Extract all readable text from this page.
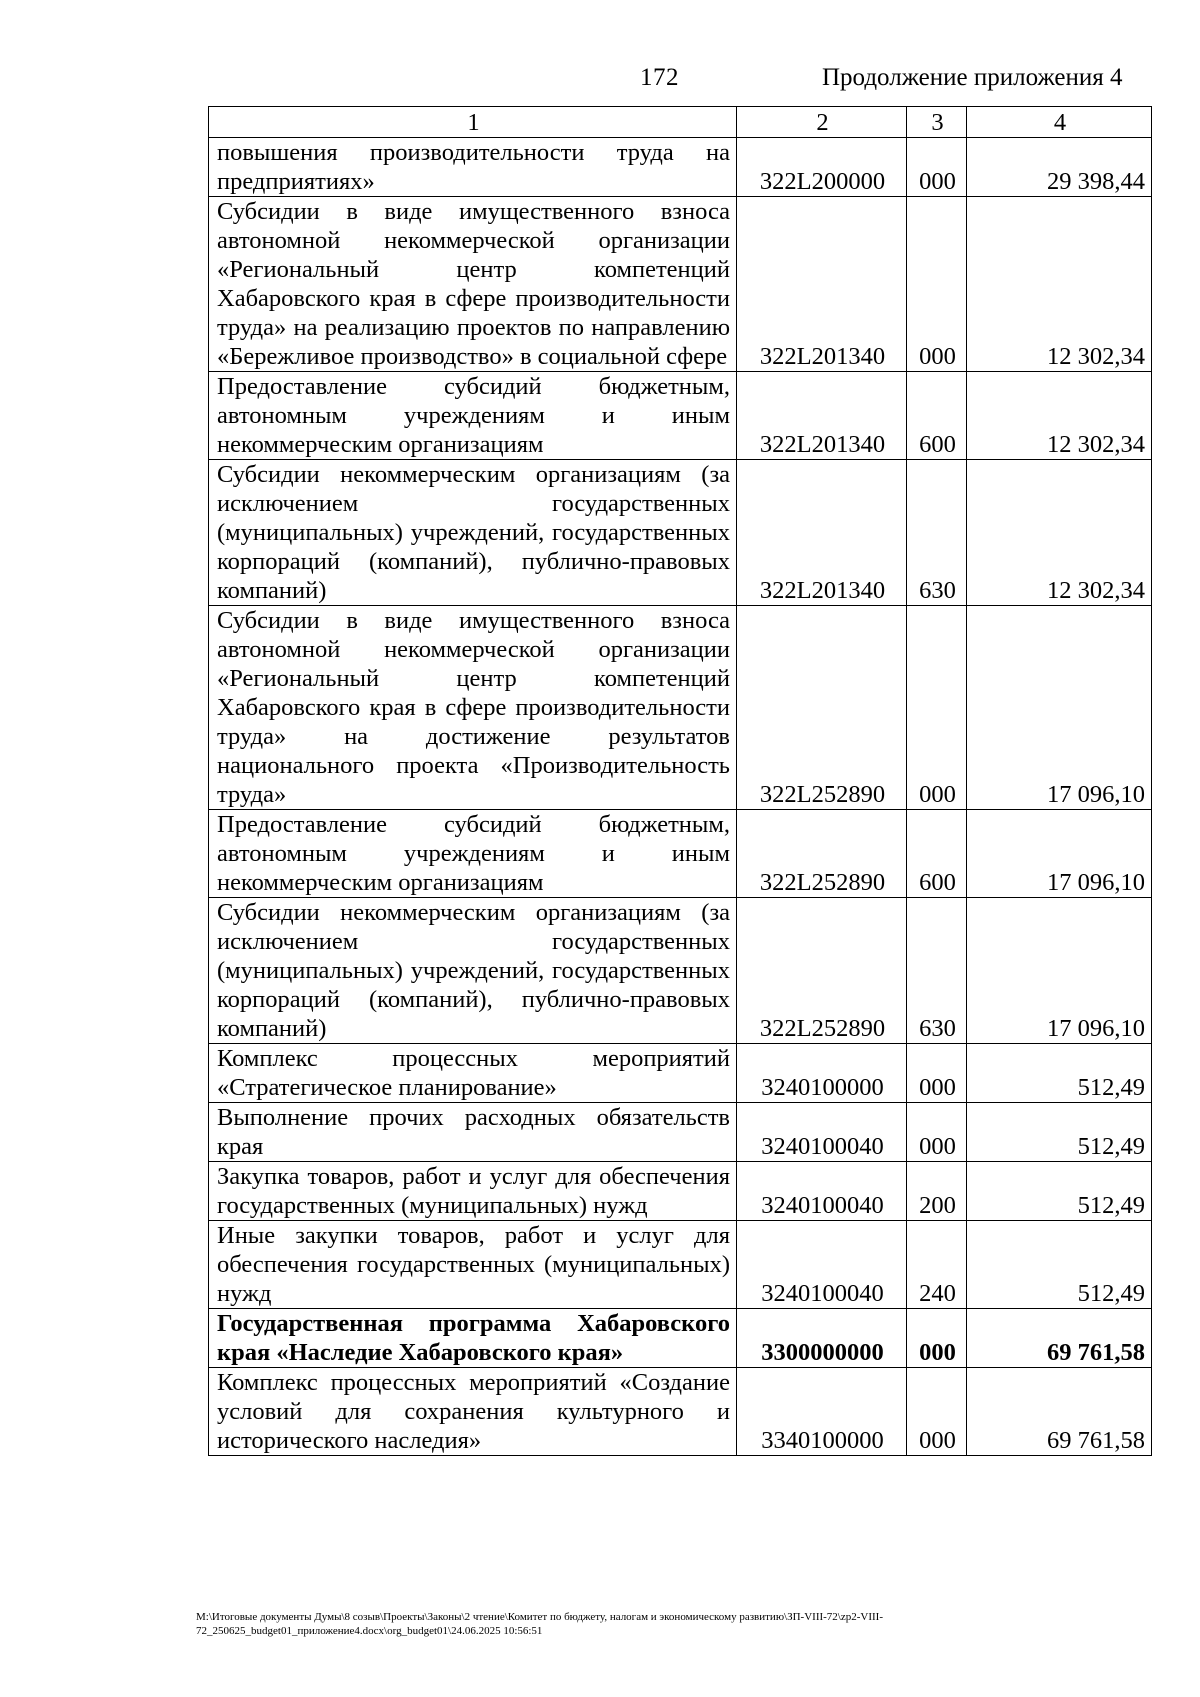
172	Продолжение приложения 4
1	2	3	4
повышения производительности труда на предприятиях»	322L200000	000	29 398,44
Субсидии в виде имущественного взноса автономной некоммерческой организации «Региональный центр компетенций Хабаровского края в сфере производительности труда» на реализацию проектов по направлению «Бережливое производство» в социальной сфере	322L201340	000	12 302,34
Предоставление субсидий бюджетным, автономным учреждениям и иным некоммерческим организациям	322L201340	600	12 302,34
Субсидии некоммерческим организациям (за исключением государственных (муниципальных) учреждений, государственных корпораций (компаний), публично-правовых компаний)	322L201340	630	12 302,34
Субсидии в виде имущественного взноса автономной некоммерческой организации «Региональный центр компетенций Хабаровского края в сфере производительности труда» на достижение результатов национального проекта «Производительность труда»	322L252890	000	17 096,10
Предоставление субсидий бюджетным, автономным учреждениям и иным некоммерческим организациям	322L252890	600	17 096,10
Субсидии некоммерческим организациям (за исключением государственных (муниципальных) учреждений, государственных корпораций (компаний), публично-правовых компаний)	322L252890	630	17 096,10
Комплекс процессных мероприятий «Стратегическое планирование»	3240100000	000	512,49
Выполнение прочих расходных обязательств края	3240100040	000	512,49
Закупка товаров, работ и услуг для обеспечения государственных (муниципальных) нужд	3240100040	200	512,49
Иные закупки товаров, работ и услуг для обеспечения государственных (муниципальных) нужд	3240100040	240	512,49
Государственная программа Хабаровского края «Наследие Хабаровского края»	3300000000	000	69 761,58
Комплекс процессных мероприятий «Создание условий для сохранения культурного и исторического наследия»	3340100000	000	69 761,58
M:\Итоговые документы Думы\8 созыв\Проекты\Законы\2 чтение\Комитет по бюджету, налогам и экономическому развитию\ЗП-VIII-72\zp2-VIII-72_250625_budget01_приложение4.docx\org_budget01\24.06.2025 10:56:51
